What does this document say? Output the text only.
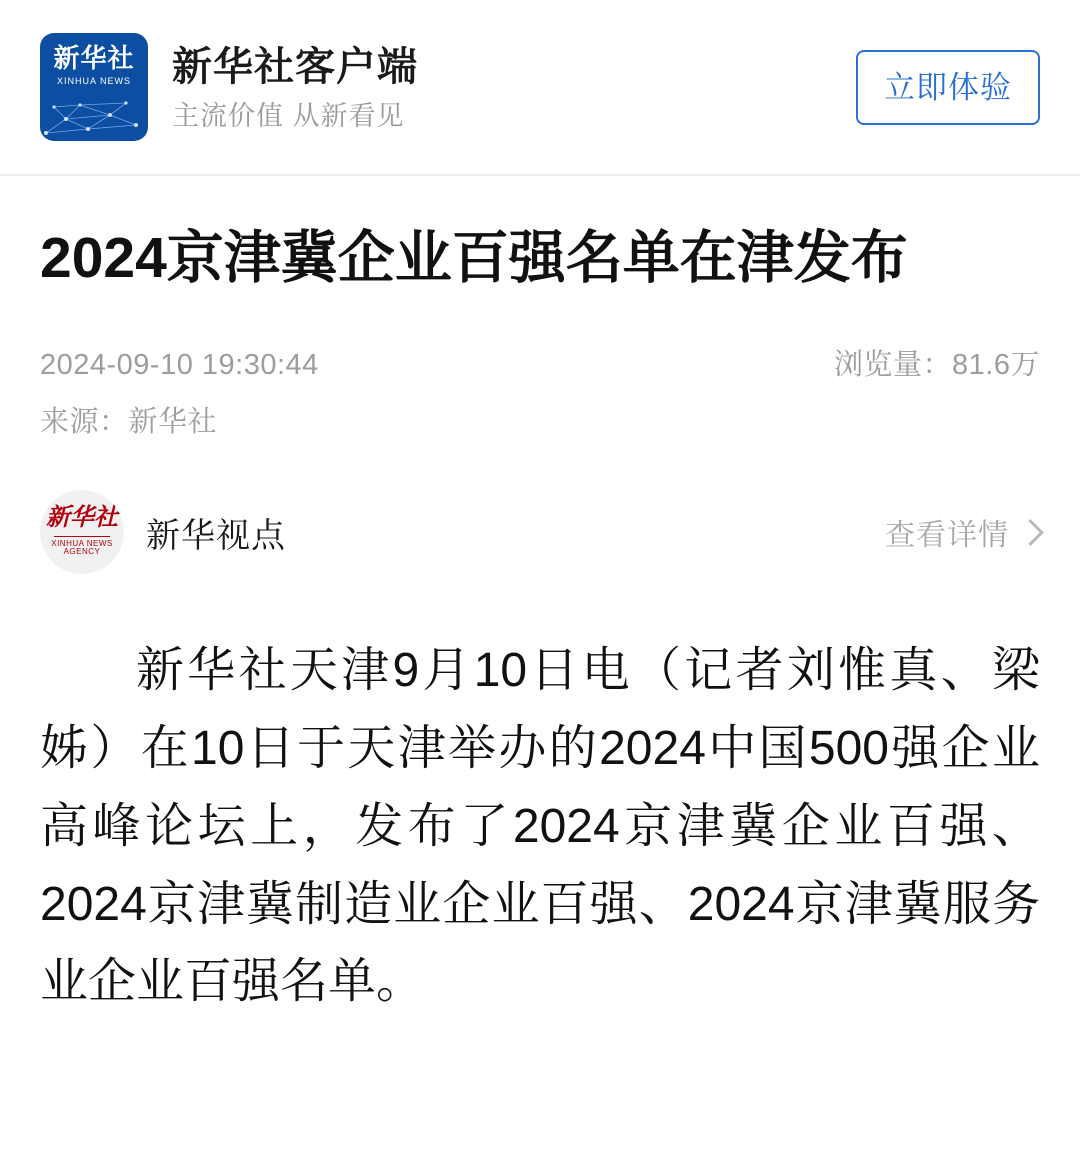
新华社
XINHUA NEWS	新华社客户端
主流价值 从新看见
立即体验
2024京津冀企业百强名单在津发布
2024-09-10 19:30:44	浏览量：81.6万
来源：新华社
新华社
XINHUA NEWS AGENCY	新华视点	查看详情
新华社天津9月10日电（记者刘惟真、梁姊）在10日于天津举办的2024中国500强企业高峰论坛上，发布了2024京津冀企业百强、2024京津冀制造业企业百强、2024京津冀服务业企业百强名单。
